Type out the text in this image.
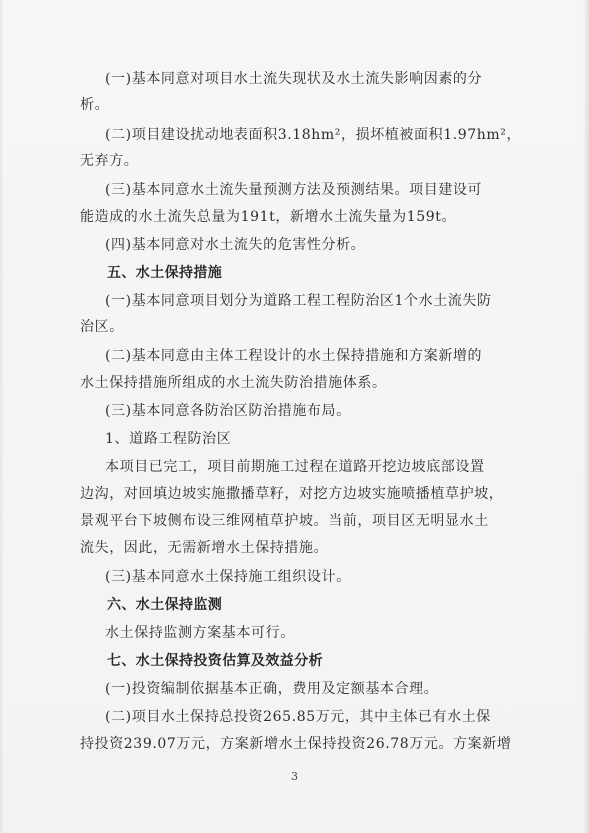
(一)基本同意对项目水土流失现状及水土流失影响因素的分

析。

(二)项目建设扰动地表面积3.18hm²，损坏植被面积1.97hm²，

无弃方。

(三)基本同意水土流失量预测方法及预测结果。项目建设可

能造成的水土流失总量为191t，新增水土流失量为159t。

(四)基本同意对水土流失的危害性分析。

五、水土保持措施

(一)基本同意项目划分为道路工程工程防治区1个水土流失防

治区。

(二)基本同意由主体工程设计的水土保持措施和方案新增的

水土保持措施所组成的水土流失防治措施体系。

(三)基本同意各防治区防治措施布局。

1、道路工程防治区

本项目已完工，项目前期施工过程在道路开挖边坡底部设置

边沟，对回填边坡实施撒播草籽，对挖方边坡实施喷播植草护坡，

景观平台下坡侧布设三维网植草护坡。当前，项目区无明显水土

流失，因此，无需新增水土保持措施。

(三)基本同意水土保持施工组织设计。

六、水土保持监测

水土保持监测方案基本可行。

七、水土保持投资估算及效益分析

(一)投资编制依据基本正确，费用及定额基本合理。

(二)项目水土保持总投资265.85万元，其中主体已有水土保

持投资239.07万元，方案新增水土保持投资26.78万元。方案新增

3
